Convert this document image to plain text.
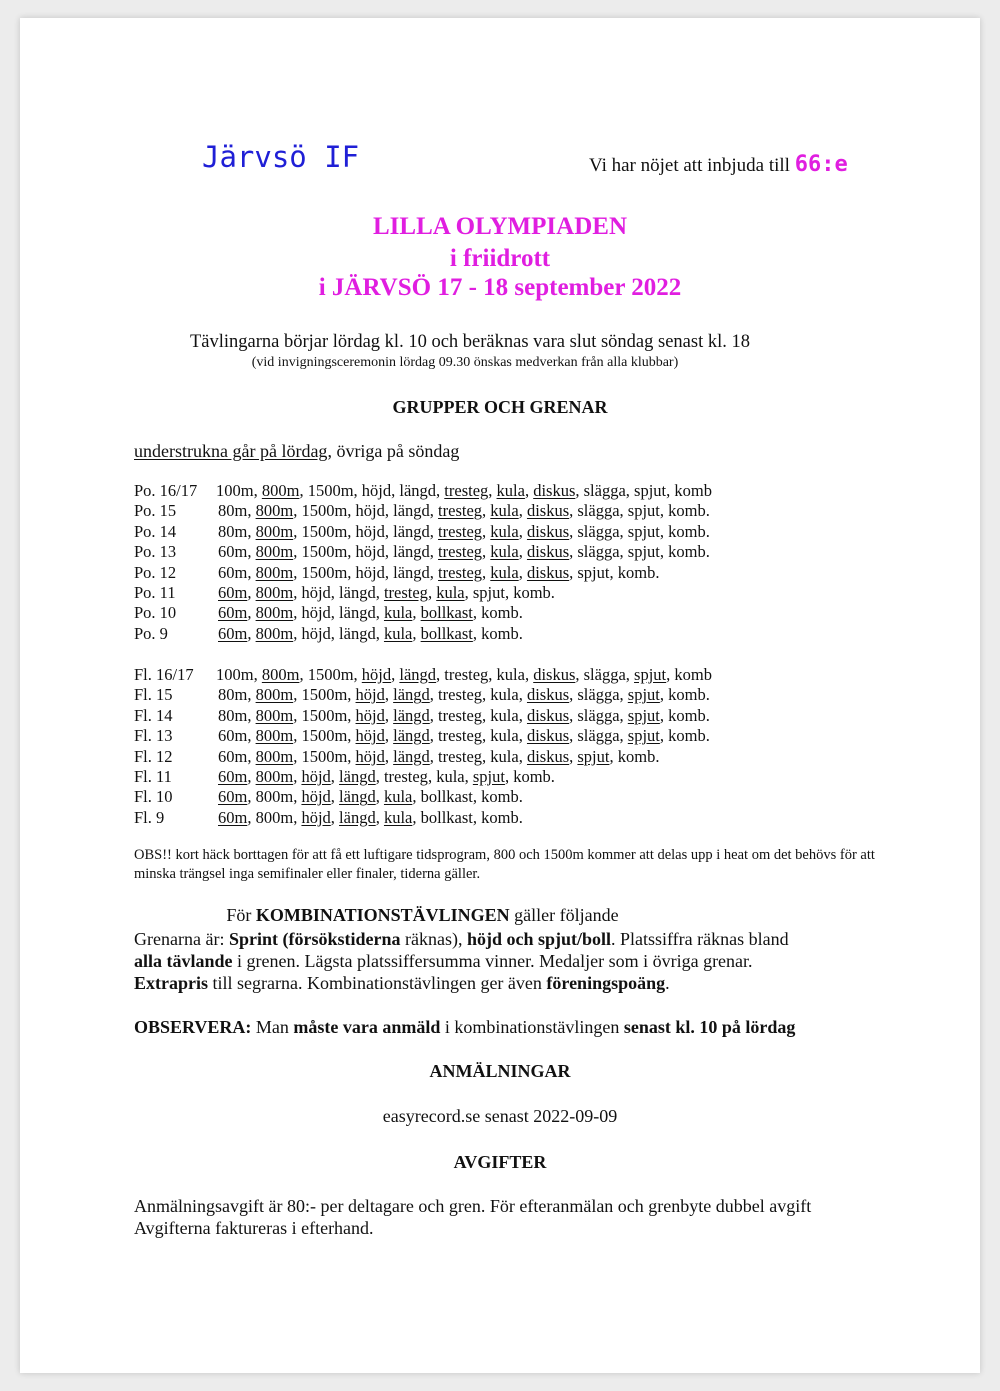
Järvsö IF	Vi har nöjet att inbjuda till 66:e
LILLA OLYMPIADEN
i friidrott
i JÄRVSÖ 17 - 18 september 2022
Tävlingarna börjar lördag kl. 10 och beräknas vara slut söndag senast kl. 18
(vid invigningsceremonin lördag 09.30 önskas medverkan från alla klubbar)
GRUPPER OCH GRENAR
understrukna går på lördag, övriga på söndag
Po. 16/17 100m, 800m, 1500m, höjd, längd, tresteg, kula, diskus, slägga, spjut, komb
Po. 15	80m, 800m, 1500m, höjd, längd, tresteg, kula, diskus, slägga, spjut, komb.
Po. 14	80m, 800m, 1500m, höjd, längd, tresteg, kula, diskus, slägga, spjut, komb.
Po. 13	60m, 800m, 1500m, höjd, längd, tresteg, kula, diskus, slägga, spjut, komb.
Po. 12	60m, 800m, 1500m, höjd, längd, tresteg, kula, diskus, spjut, komb.
Po. 11	60m, 800m, höjd, längd, tresteg, kula, spjut, komb.
Po. 10	60m, 800m, höjd, längd, kula, bollkast, komb.
Po. 9	60m, 800m, höjd, längd, kula, bollkast, komb.
Fl. 16/17 100m, 800m, 1500m, höjd, längd, tresteg, kula, diskus, slägga, spjut, komb
Fl. 15	80m, 800m, 1500m, höjd, längd, tresteg, kula, diskus, slägga, spjut, komb.
Fl. 14	80m, 800m, 1500m, höjd, längd, tresteg, kula, diskus, slägga, spjut, komb.
Fl. 13	60m, 800m, 1500m, höjd, längd, tresteg, kula, diskus, slägga, spjut, komb.
Fl. 12	60m, 800m, 1500m, höjd, längd, tresteg, kula, diskus, spjut, komb.
Fl. 11	60m, 800m, höjd, längd, tresteg, kula, spjut, komb.
Fl. 10	60m, 800m, höjd, längd, kula, bollkast, komb.
Fl. 9	60m, 800m, höjd, längd, kula, bollkast, komb.
OBS!! kort häck borttagen för att få ett luftigare tidsprogram, 800 och 1500m kommer att delas upp i heat om det behövs för att minska trängsel inga semifinaler eller finaler, tiderna gäller.
För KOMBINATIONSTÄVLINGEN gäller följande
Grenarna är: Sprint (försökstiderna räknas), höjd och spjut/boll. Platssiffra räknas bland
alla tävlande i grenen. Lägsta platssiffersumma vinner. Medaljer som i övriga grenar.
Extrapris till segrarna. Kombinationstävlingen ger även föreningspoäng.
OBSERVERA: Man måste vara anmäld i kombinationstävlingen senast kl. 10 på lördag
ANMÄLNINGAR
easyrecord.se senast 2022-09-09
AVGIFTER
Anmälningsavgift är 80:- per deltagare och gren. För efteranmälan och grenbyte dubbel avgift
Avgifterna faktureras i efterhand.
